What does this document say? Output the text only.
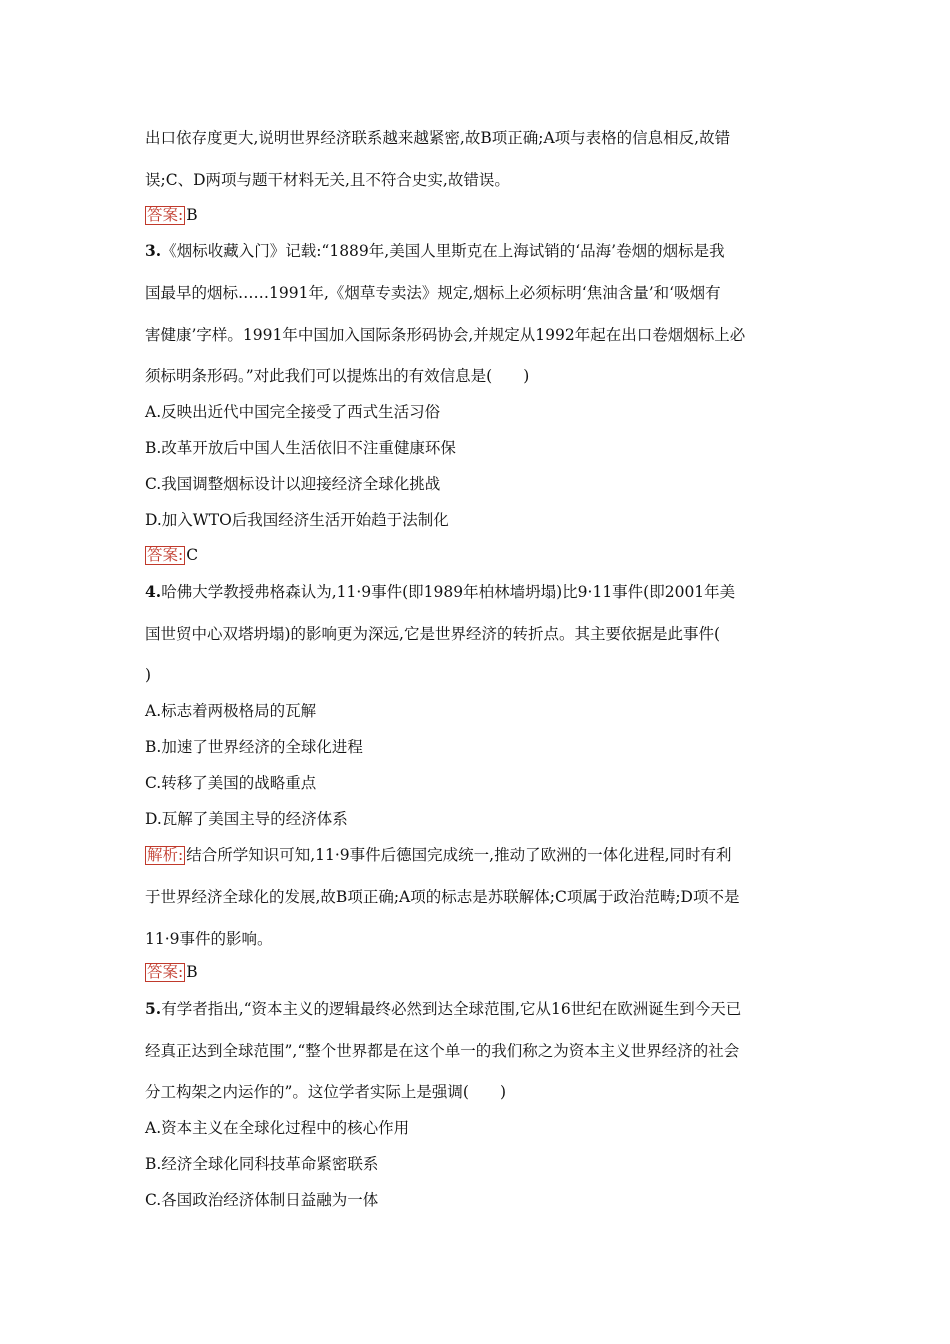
出口依存度更大,说明世界经济联系越来越紧密,故B项正确;A项与表格的信息相反,故错
误;C、D两项与题干材料无关,且不符合史实,故错误。
答案: B
3.《烟标收藏入门》记载:“1889年,美国人里斯克在上海试销的‘品海’卷烟的烟标是我
国最早的烟标……1991年,《烟草专卖法》规定,烟标上必须标明‘焦油含量’和‘吸烟有
害健康’字样。1991年中国加入国际条形码协会,并规定从1992年起在出口卷烟烟标上必
须标明条形码。”对此我们可以提炼出的有效信息是(　　)
A.反映出近代中国完全接受了西式生活习俗
B.改革开放后中国人生活依旧不注重健康环保
C.我国调整烟标设计以迎接经济全球化挑战
D.加入WTO后我国经济生活开始趋于法制化
答案: C
4.哈佛大学教授弗格森认为,11·9事件(即1989年柏林墙坍塌)比9·11事件(即2001年美
国世贸中心双塔坍塌)的影响更为深远,它是世界经济的转折点。其主要依据是此事件(
)
A.标志着两极格局的瓦解
B.加速了世界经济的全球化进程
C.转移了美国的战略重点
D.瓦解了美国主导的经济体系
解析: 结合所学知识可知,11·9事件后德国完成统一,推动了欧洲的一体化进程,同时有利
于世界经济全球化的发展,故B项正确;A项的标志是苏联解体;C项属于政治范畴;D项不是
11·9事件的影响。
答案: B
5.有学者指出,“资本主义的逻辑最终必然到达全球范围,它从16世纪在欧洲诞生到今天已
经真正达到全球范围”,“整个世界都是在这个单一的我们称之为资本主义世界经济的社会
分工构架之内运作的”。这位学者实际上是强调(　　)
A.资本主义在全球化过程中的核心作用
B.经济全球化同科技革命紧密联系
C.各国政治经济体制日益融为一体
